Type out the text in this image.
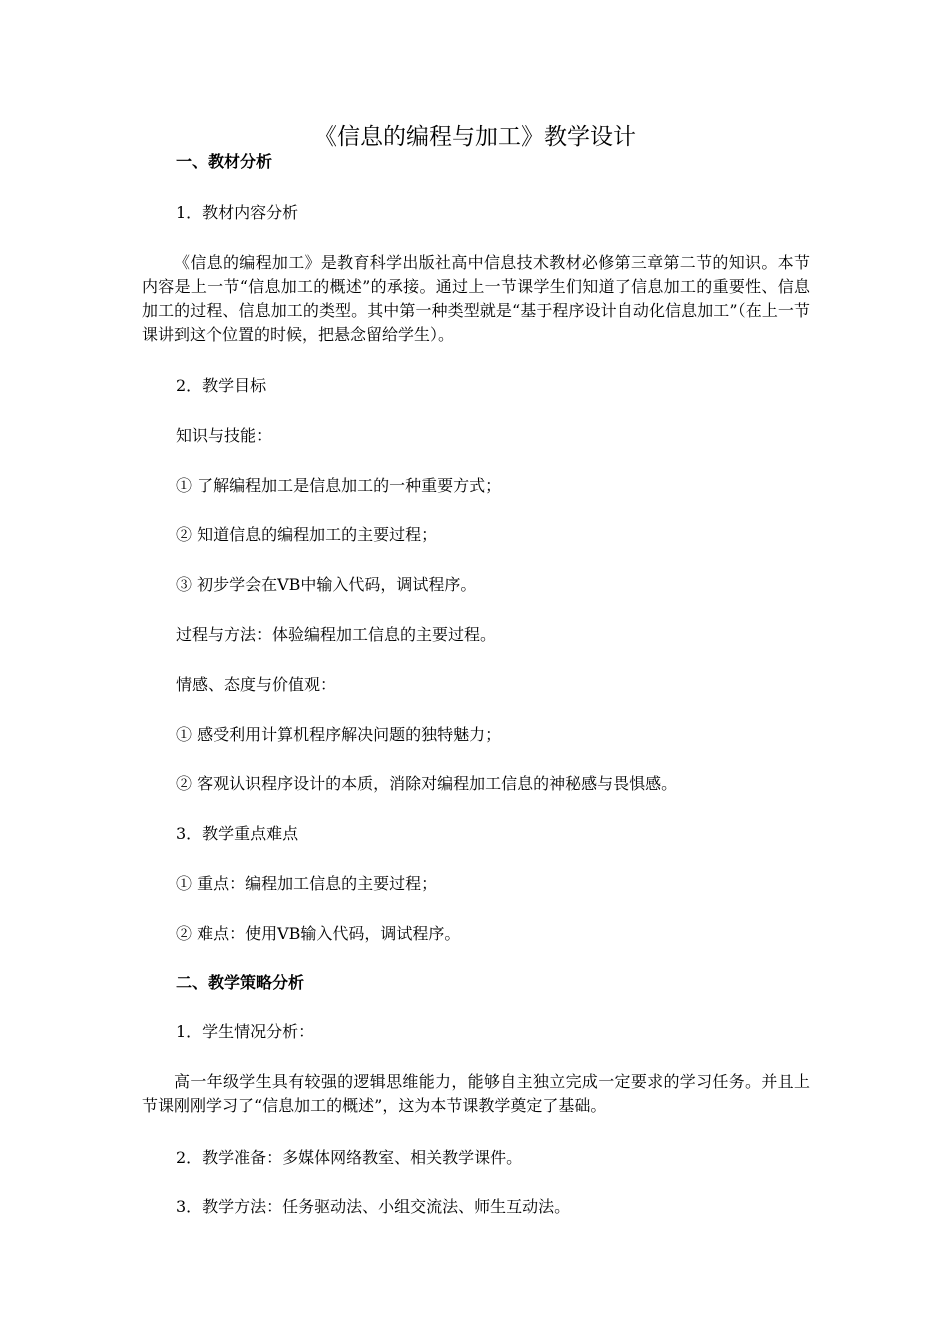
《信息的编程与加工》教学设计

一、教材分析

1．教材内容分析

《信息的编程加工》是教育科学出版社高中信息技术教材必修第三章第二节的知识。本节内容是上一节“信息加工的概述”的承接。通过上一节课学生们知道了信息加工的重要性、信息加工的过程、信息加工的类型。其中第一种类型就是“基于程序设计自动化信息加工”（在上一节课讲到这个位置的时候，把悬念留给学生）。

2．教学目标

知识与技能：

① 了解编程加工是信息加工的一种重要方式；

② 知道信息的编程加工的主要过程；

③ 初步学会在VB中输入代码，调试程序。

过程与方法：体验编程加工信息的主要过程。

情感、态度与价值观：

① 感受利用计算机程序解决问题的独特魅力；

② 客观认识程序设计的本质，消除对编程加工信息的神秘感与畏惧感。

3．教学重点难点

① 重点：编程加工信息的主要过程；

② 难点：使用VB输入代码，调试程序。

二、教学策略分析

1．学生情况分析：

高一年级学生具有较强的逻辑思维能力，能够自主独立完成一定要求的学习任务。并且上节课刚刚学习了“信息加工的概述”，这为本节课教学奠定了基础。

2．教学准备：多媒体网络教室、相关教学课件。

3．教学方法：任务驱动法、小组交流法、师生互动法。
